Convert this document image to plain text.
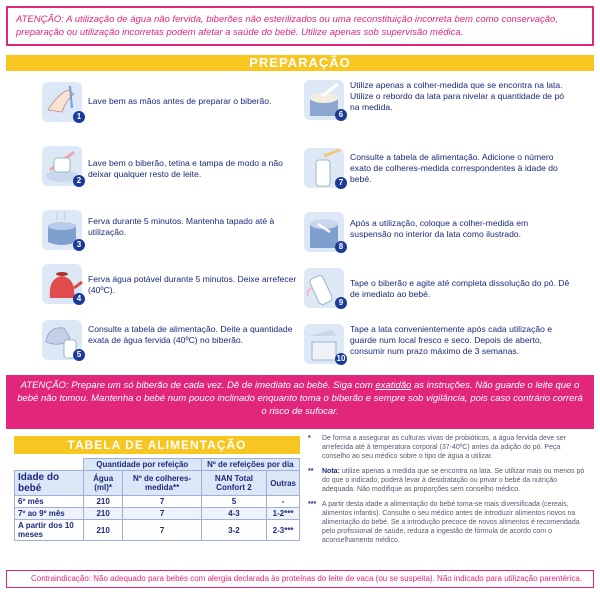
ATENÇÃO: A utilização de água não fervida, biberões não esterilizados ou uma reconstituição incorreta bem como conservação, preparação ou utilização incorretas podem afetar a saúde do bebé. Utilize apenas sob supervisão médica.
PREPARAÇÃO
1
Lave bem as mãos antes de preparar o biberão.
2
Lave bem o biberão, tetina e tampa de modo a não deixar qualquer resto de leite.
3
Ferva durante 5 minutos. Mantenha tapado até à utilização.
4
Ferva água potável durante 5 minutos. Deixe arrefecer (40ºC).
5
Consulte a tabela de alimentação. Deite a quantidade exata de água fervida (40ºC) no biberão.
6
Utilize apenas a colher-medida que se encontra na lata. Utilize o rebordo da lata para nivelar a quantidade de pó na medida.
7
Consulte a tabela de alimentação. Adicione o número exato de colheres-medida correspondentes à idade do bebé.
8
Após a utilização, coloque a colher-medida em suspensão no interior da lata como ilustrado.
9
Tape o biberão e agite até completa dissolução do pó. Dê de imediato ao bebé.
10
Tape a lata convenientemente após cada utilização e guarde num local fresco e seco. Depois de aberto, consumir num prazo máximo de 3 semanas.
ATENÇÃO: Prepare um só biberão de cada vez. Dê de imediato ao bebé. Siga com exatidão as instruções. Não guarde o leite que o bebé não tomou. Mantenha o bebé num pouco inclinado enquanto toma o biberão e sempre sob vigilância, pois caso contrário correrá o risco de sufocar.
TABELA DE ALIMENTAÇÃO
	Quantidade por refeição		Nº de refeições por dia	
Idade do bebé	Água (ml)*	Nº de colheres-medida**	NAN Total Confort 2	Outras
6º mês	210	7	5	-
7º ao 9º mês	210	7	4-3	1-2***
A partir dos 10 meses	210	7	3-2	2-3***
* De forma a assegurar as culturas vivas de probióticos, a água fervida deve ser arrefecida até à temperatura corporal (37-40ºC) antes da adição do pó. Peça conselho ao seu médico sobre o tipo de água a utilizar.
** Nota: utilize apenas a medida que se encontra na lata. Se utilizar mais ou menos pó do que o indicado, poderá levar à desidratação ou privar o bebé da nutrição adequada. Não modifique as proporções sem conselho médico.
*** A partir desta idade a alimentação do bebé toma-se mais diversificada (cereais, alimentos infantis). Consulte o seu médico antes de introduzir alimentos novos na alimentação do bebé. Se a introdução precoce de novos alimentos é recomendada pelo profissional de saúde, reduza a ingestão de fórmula de acordo com o aconselhamento médico.
Contraindicação: Não adequado para bebés com alergia declarada às proteínas do leite de vaca (ou se suspeita). Não indicado para utilização parentérica.
